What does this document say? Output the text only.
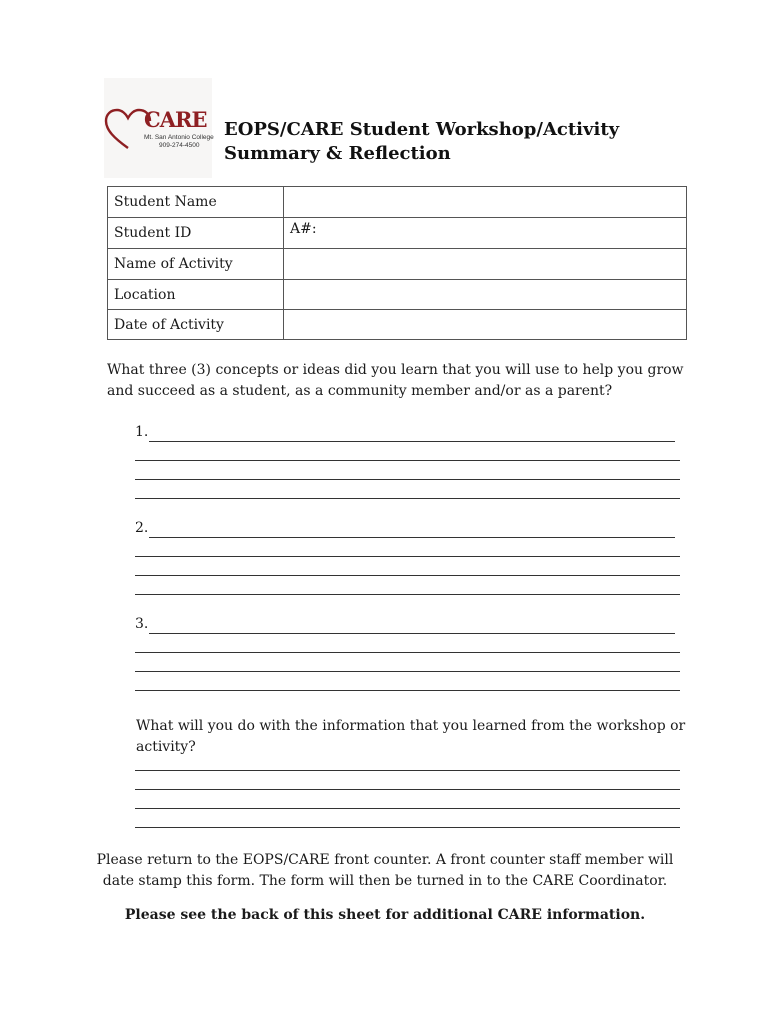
CARE
Mt. San Antonio College
909-274-4500
EOPS/CARE Student Workshop/Activity
Summary & Reflection
Student Name	
Student ID	A#:
Name of Activity	
Location	
Date of Activity	
What three (3) concepts or ideas did you learn that you will use to help you grow and succeed as a student, as a community member and/or as a parent?
1.
2.
3.
What will you do with the information that you learned from the workshop or activity?
Please return to the EOPS/CARE front counter. A front counter staff member will date stamp this form. The form will then be turned in to the CARE Coordinator.
Please see the back of this sheet for additional CARE information.
